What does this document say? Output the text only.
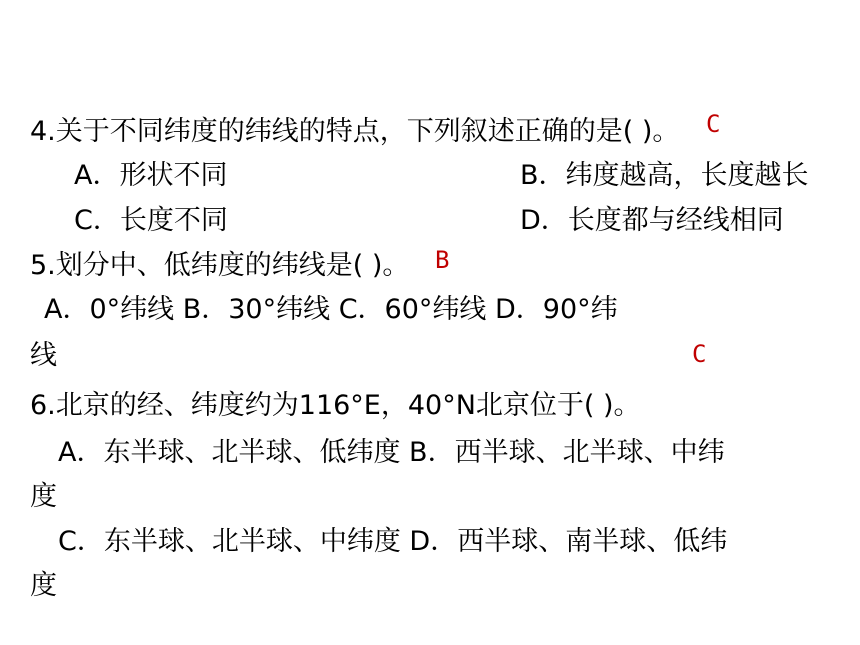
4.关于不同纬度的纬线的特点，下列叙述正确的是( )。 C
A．形状不同	B．纬度越高，长度越长
C．长度不同	D．长度都与经线相同
5.划分中、低纬度的纬线是( )。 B
A．0°纬线 B．30°纬线 C．60°纬线 D．90°纬
线	C
6.北京的经、纬度约为116°E，40°N北京位于( )。
A．东半球、北半球、低纬度 B．西半球、北半球、中纬
度
C．东半球、北半球、中纬度 D．西半球、南半球、低纬
度
